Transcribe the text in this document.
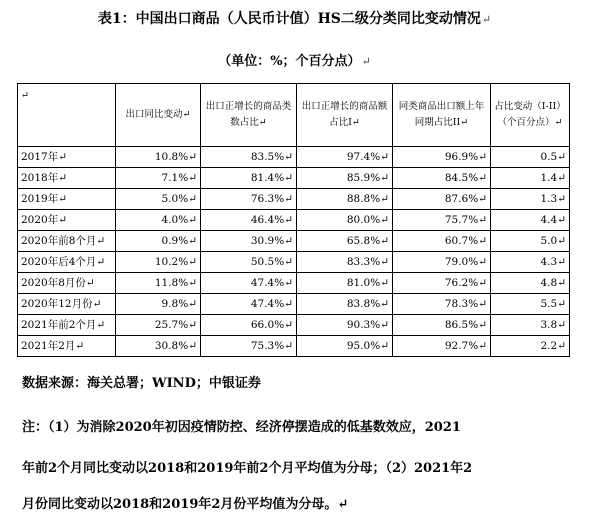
表1：中国出口商品（人民币计值）HS二级分类同比变动情况↵
（单位：%；个百分点）↵
↵	出口同比变动↵	出口正增长的商品类数占比↵	出口正增长的商品额占比I↵	同类商品出口额上年同期占比II↵	占比变动（I-II）（个百分点）↵
2017年↵	10.8%↵	83.5%↵	97.4%↵	96.9%↵	0.5↵
2018年↵	7.1%↵	81.4%↵	85.9%↵	84.5%↵	1.4↵
2019年↵	5.0%↵	76.3%↵	88.8%↵	87.6%↵	1.3↵
2020年↵	4.0%↵	46.4%↵	80.0%↵	75.7%↵	4.4↵
2020年前8个月↵	0.9%↵	30.9%↵	65.8%↵	60.7%↵	5.0↵
2020年后4个月↵	10.2%↵	50.5%↵	83.3%↵	79.0%↵	4.3↵
2020年8月份↵	11.8%↵	47.4%↵	81.0%↵	76.2%↵	4.8↵
2020年12月份↵	9.8%↵	47.4%↵	83.8%↵	78.3%↵	5.5↵
2021年前2个月↵	25.7%↵	66.0%↵	90.3%↵	86.5%↵	3.8↵
2021年2月↵	30.8%↵	75.3%↵	95.0%↵	92.7%↵	2.2↵
数据来源：海关总署；WIND；中银证券
注：（1）为消除2020年初因疫情防控、经济停摆造成的低基数效应，2021
年前2个月同比变动以2018和2019年前2个月平均值为分母；（2）2021年2
月份同比变动以2018和2019年2月份平均值为分母。↵
